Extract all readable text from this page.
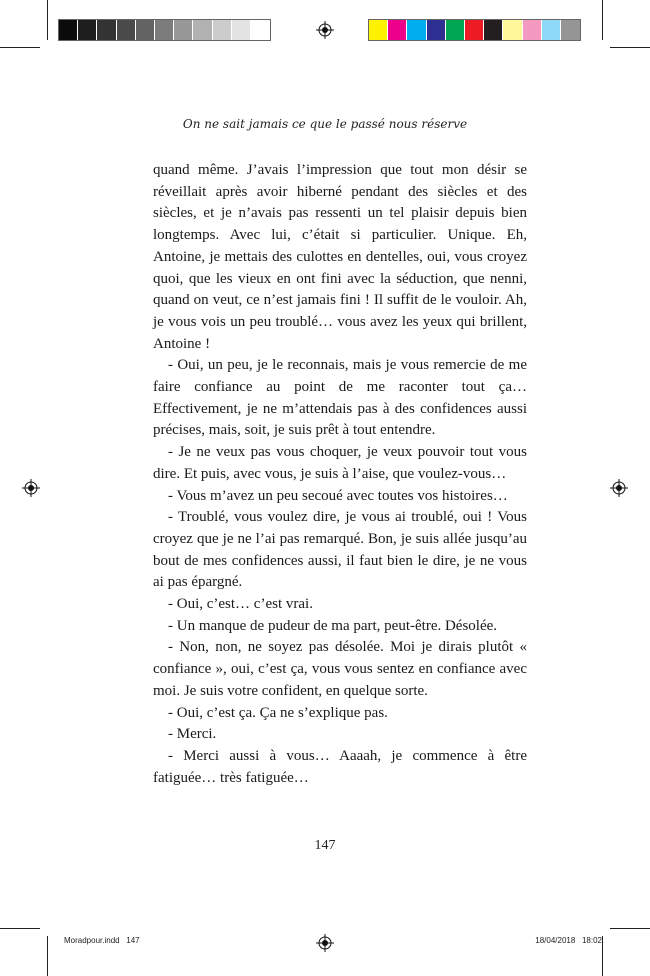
On ne sait jamais ce que le passé nous réserve

quand même. J’avais l’impression que tout mon désir se réveillait après avoir hiberné pendant des siècles et des siècles, et je n’avais pas ressenti un tel plaisir depuis bien longtemps. Avec lui, c’était si particulier. Unique. Eh, Antoine, je mettais des culottes en dentelles, oui, vous croyez quoi, que les vieux en ont fini avec la séduction, que nenni, quand on veut, ce n’est jamais fini ! Il suffit de le vouloir. Ah, je vous vois un peu troublé… vous avez les yeux qui brillent, Antoine !

- Oui, un peu, je le reconnais, mais je vous remercie de me faire confiance au point de me raconter tout ça… Effectivement, je ne m’attendais pas à des confidences aussi précises, mais, soit, je suis prêt à tout entendre.

- Je ne veux pas vous choquer, je veux pouvoir tout vous dire. Et puis, avec vous, je suis à l’aise, que voulez-vous…

- Vous m’avez un peu secoué avec toutes vos histoires…

- Troublé, vous voulez dire, je vous ai troublé, oui ! Vous croyez que je ne l’ai pas remarqué. Bon, je suis allée jusqu’au bout de mes confidences aussi, il faut bien le dire, je ne vous ai pas épargné.

- Oui, c’est… c’est vrai.

- Un manque de pudeur de ma part, peut-être. Désolée.

- Non, non, ne soyez pas désolée. Moi je dirais plutôt « confiance », oui, c’est ça, vous vous sentez en confiance avec moi. Je suis votre confident, en quelque sorte.

- Oui, c’est ça. Ça ne s’explique pas.

- Merci.

- Merci aussi à vous… Aaaah, je commence à être fatiguée… très fatiguée…

147
Moradpour.indd   147	18/04/2018   18:02
